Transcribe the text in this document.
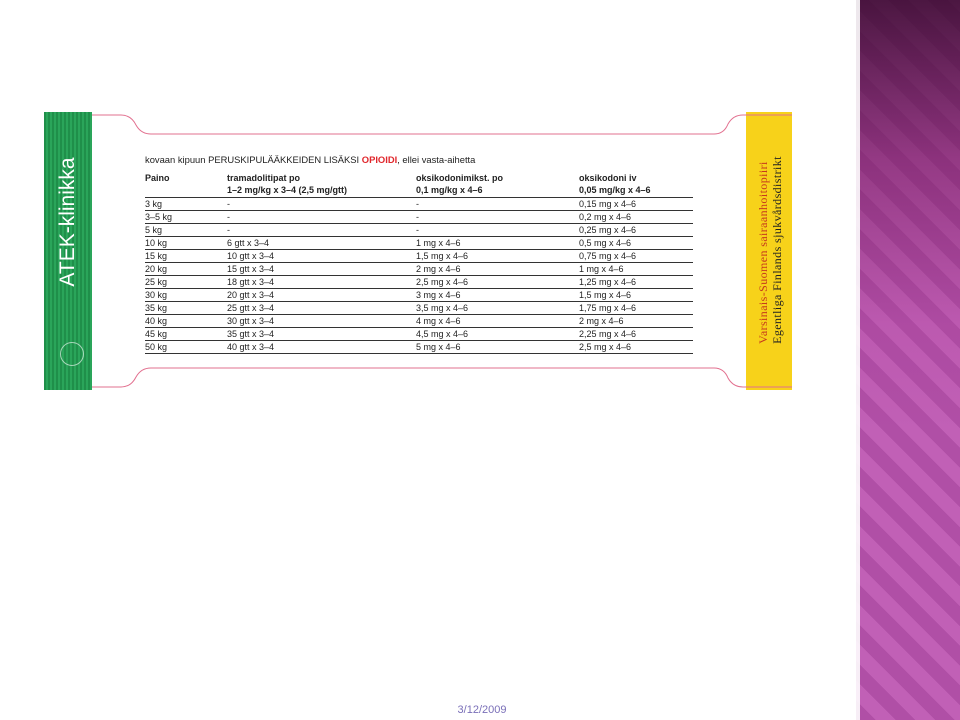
ATEK-klinikka	Varsinais-Suomen sairaanhoitopiiri Egentliga Finlands sjukvårdsdistrikt
kovaan kipuun PERUSKIPULÄÄKKEIDEN LISÄKSI OPIOIDI, ellei vasta-aihetta
Paino	tramadolitipat po	oksikodonimikst. po	oksikodoni iv
	1–2 mg/kg x 3–4 (2,5 mg/gtt)	0,1 mg/kg x 4–6	0,05 mg/kg x 4–6
3 kg	-	-	0,15 mg x 4–6
3–5 kg	-	-	0,2 mg x 4–6
5 kg	-	-	0,25 mg x 4–6
10 kg	6 gtt x 3–4	1 mg x 4–6	0,5 mg x 4–6
15 kg	10 gtt x 3–4	1,5 mg x 4–6	0,75 mg x 4–6
20 kg	15 gtt x 3–4	2 mg x 4–6	1 mg x 4–6
25 kg	18 gtt x 3–4	2,5 mg x 4–6	1,25 mg x 4–6
30 kg	20 gtt x 3–4	3 mg x 4–6	1,5 mg x 4–6
35 kg	25 gtt x 3–4	3,5 mg x 4–6	1,75 mg x 4–6
40 kg	30 gtt x 3–4	4 mg x 4–6	2 mg x 4–6
45 kg	35 gtt x 3–4	4,5 mg x 4–6	2,25 mg x 4–6
50 kg	40 gtt x 3–4	5 mg x 4–6	2,5 mg x 4–6
3/12/2009
